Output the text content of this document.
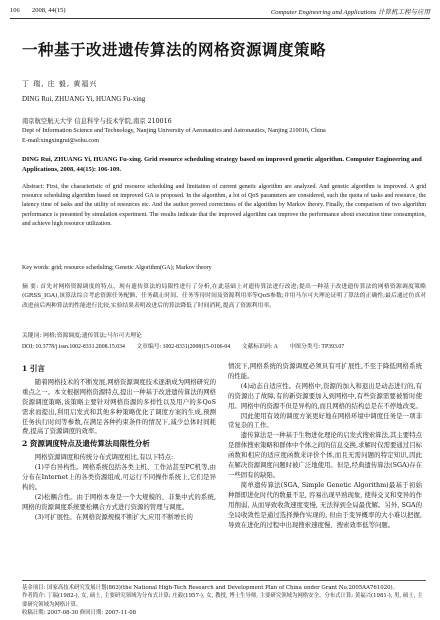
106 2008, 44(15)	Computer Engineering and Applications 计算机工程与应用
一种基于改进遗传算法的网格资源调度策略
丁 瑞, 庄 毅, 黄福兴
DING Rui, ZHUANG Yi, HUANG Fu-xing
南京航空航天大学 信息科学与技术学院,南京 210016
Dept of Information Science and Technology, Nanjing University of Aeronautics and Astronautics, Nanjing 210016, China
E-mail:xingxingrui@sohu.com
DING Rui, ZHUANG Yi, HUANG Fu-xing. Grid resource scheduling strategy based on improved genetic algorithm. Computer Engineering and Applications, 2008, 44(15): 106-109.
Abstract: First, the characteristic of grid resource scheduling and limitation of current genetic algorithm are analyzed. And genetic algorithm is improved. A grid resource scheduling algorithm based on improved GA is proposed. In the algorithm, a lot of QoS parameters are considered, such the quota of tasks and resource, the latency time of tasks and the utility of resources etc. And the author proved correctness of the algorithm by Markov theory. Finally, the comparison of two algorithm performance is presented by simulation experiment. The results indicate that the improved algorithm can improve the performance about execution time consumption, and achieve high resource utilization.
Key words: grid; resource scheduling; Genetic Algorithm(GA); Markov theory
摘 要: 首先对网格资源调度的特点、现有遗传算法的局限性进行了分析,在此基础上对遗传算法进行改进;提出一种基于改进遗传算法的网格资源调度策略(GRSS_IGA),该算法综合考虑资源任务配额、任务截止时间、任务等待时间及资源利用率等QoS参数;并用马尔可夫理论证明了算法的正确性;最后通过仿真对改进前后两种算法的性能进行比较,实验结果表明改进后的算法降低了时间消耗,提高了资源利用率。
关键词: 网格;资源调度;遗传算法;马尔可夫理论
DOI: 10.3778/j.issn.1002-8331.2008.15.034 文章编号: 1002-8331(2008)15-0106-04 文献标识码: A 中图分类号: TP393.07
1 引言

随着网格技术的不断发展,网格资源调度技术逐渐成为网格研究的重点之一。本文根据网格资源特点,提出一种基于改进遗传算法的网格资源调度策略,该策略主要针对网格资源的多样性以及用户的多QoS需求而提出,利用启发式和其他多种策略优化了调度方案的生成,预测任务执行时间等参数,在满足各种约束条件的情况下,减少总体时间耗费,提高了资源调度的效率。

2 资源调度特点及遗传算法局限性分析

网格资源调度和传统分布式调度相比,有以下特点:

(1)平台异构性。网格系统包括各类主机、工作站甚至PC机等,由分布在Internet上的各类资源组成,可运行不同操作系统上,它们是异构的。

(2)松耦合性。由于网格本身是一个大规模的、非集中式的系统,网格的资源调度系统要松耦合方式进行资源的管理与调度。

(3)可扩展性。在网格资源规模不断扩大,应用不断增长的

情况下,网格系统的资源调度必须具有可扩展性,不至于降低网格系统的性能。

(4)动态自适应性。在网格中,资源的加入和退出是动态进行的,有的资源出了故障,有的新资源要加入到网格中,有些资源需要被暂时使用。网格中的资源不但是异构的,而且网格的结构总是在不停地改变。

因此使用有效的调度方案更好地在网格环境中调度任务是一项非常复杂的工作。

遗传算法是一种基于生物进化理论的启发式搜索算法,其主要特点是群体搜索策略和群体中个体之间的信息交换,求解时仅需要通过目标函数和相应的适应度函数来评价个体,而且无需问题的特定知识,因此在解决资源调度问题时被广泛地使用。但是,经典遗传算法(SGA)存在一些固有的缺陷。

简单遗传算法(SGA, Simple Genetic Algorithm)最基于初始种群即进化时代的数量不足, 容易出现早熟现象, 使得交叉和变异的作用削弱, 从而导致收敛速度变慢, 无法得到全局最优解。另外, SGA的全局收敛性是通过选择操作实现的, 但由于变异概率的大小难以把握, 导致在进化的过程中出现搜索速度慢、搜索效率低等问题。

基金项目: 国家高技术研究发展计划(863)(the National High-Tech Research and Development Plan of China under Grant No.2005AA761020)。
作者简介: 丁瑞(1982-), 女, 硕士, 主要研究领域为分布式计算; 庄毅(1957-), 女, 教授, 博士生导师, 主要研究领域为网格安全、分布式计算; 黄福兴(1981-), 男, 硕士, 主要研究领域为网格计算。
收稿日期: 2007-08-30 修回日期: 2007-11-08
